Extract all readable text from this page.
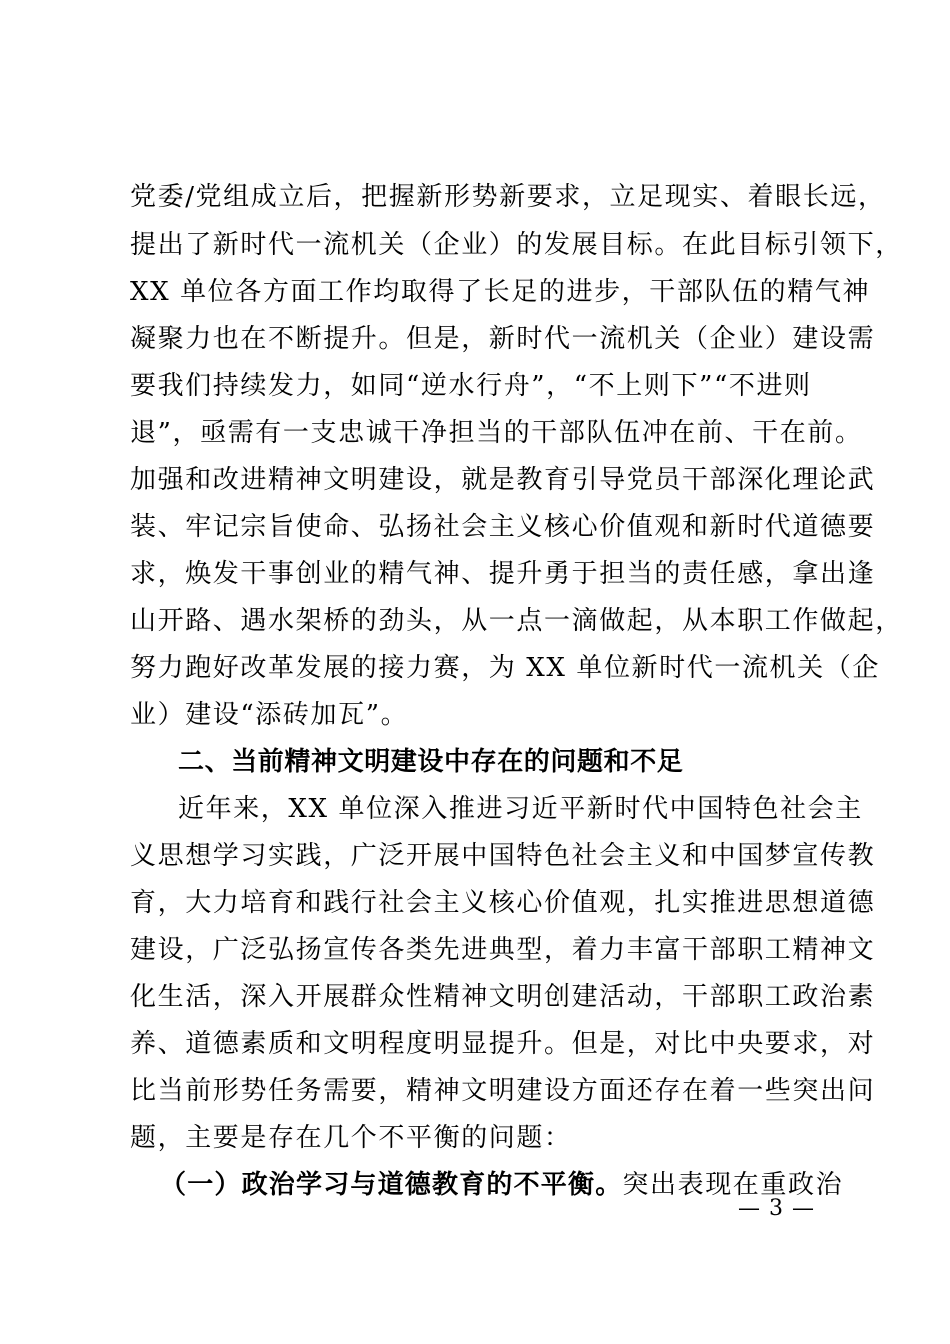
党委/党组成立后，把握新形势新要求，立足现实、着眼长远，
提出了新时代一流机关（企业）的发展目标。在此目标引领下，
XX 单位各方面工作均取得了长足的进步，干部队伍的精气神
凝聚力也在不断提升。但是，新时代一流机关（企业）建设需
要我们持续发力，如同“逆水行舟”，“不上则下”“不进则
退”，亟需有一支忠诚干净担当的干部队伍冲在前、干在前。
加强和改进精神文明建设，就是教育引导党员干部深化理论武
装、牢记宗旨使命、弘扬社会主义核心价值观和新时代道德要
求，焕发干事创业的精气神、提升勇于担当的责任感，拿出逢
山开路、遇水架桥的劲头，从一点一滴做起，从本职工作做起，
努力跑好改革发展的接力赛，为 XX 单位新时代一流机关（企
业）建设“添砖加瓦”。
二、当前精神文明建设中存在的问题和不足
近年来，XX 单位深入推进习近平新时代中国特色社会主
义思想学习实践，广泛开展中国特色社会主义和中国梦宣传教
育，大力培育和践行社会主义核心价值观，扎实推进思想道德
建设，广泛弘扬宣传各类先进典型，着力丰富干部职工精神文
化生活，深入开展群众性精神文明创建活动，干部职工政治素
养、道德素质和文明程度明显提升。但是，对比中央要求，对
比当前形势任务需要，精神文明建设方面还存在着一些突出问
题，主要是存在几个不平衡的问题：
（一）政治学习与道德教育的不平衡。突出表现在重政治
— 3 —
